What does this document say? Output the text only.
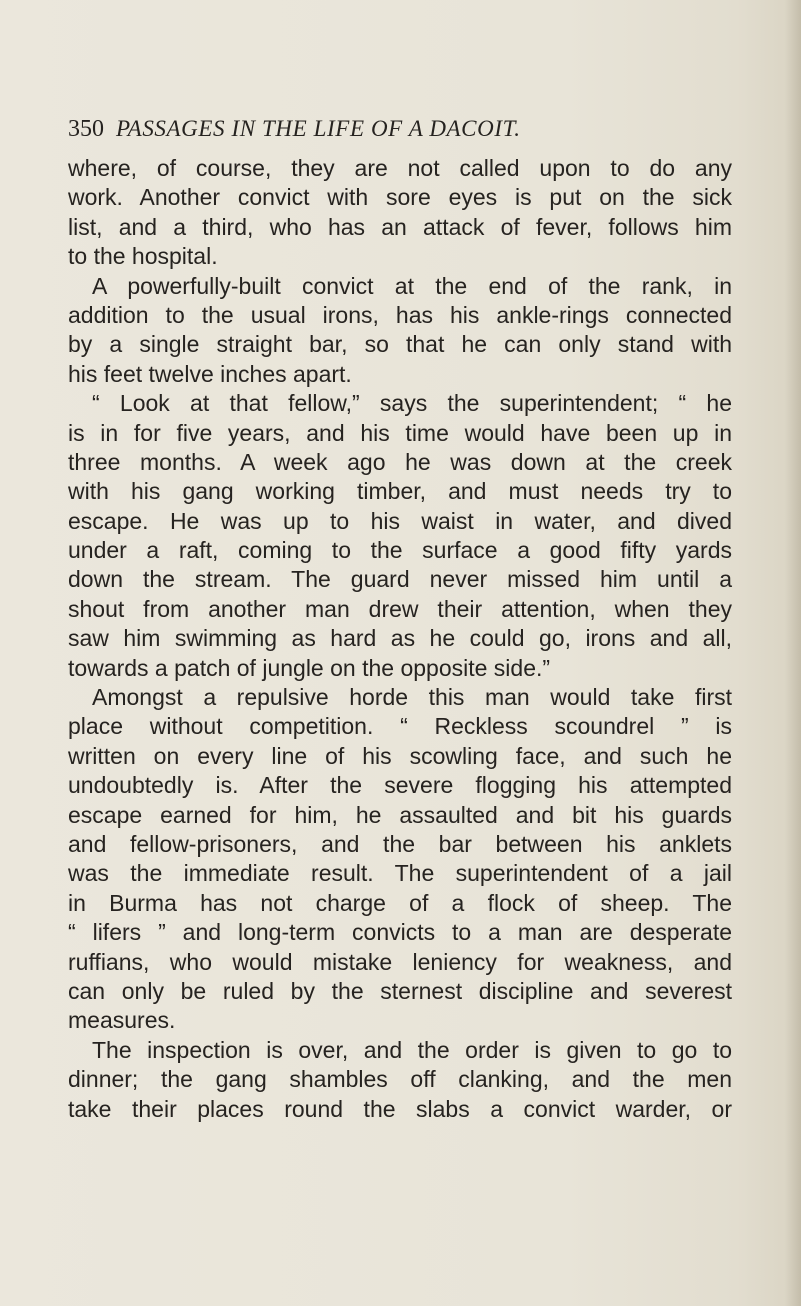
350 PASSAGES IN THE LIFE OF A DACOIT.
where, of course, they are not called upon to do any
work. Another convict with sore eyes is put on the sick
list, and a third, who has an attack of fever, follows him
to the hospital.
A powerfully-built convict at the end of the rank, in
addition to the usual irons, has his ankle-rings connected
by a single straight bar, so that he can only stand with
his feet twelve inches apart.
“ Look at that fellow,” says the superintendent; “ he
is in for five years, and his time would have been up in
three months. A week ago he was down at the creek
with his gang working timber, and must needs try to
escape. He was up to his waist in water, and dived
under a raft, coming to the surface a good fifty yards
down the stream. The guard never missed him until a
shout from another man drew their attention, when they
saw him swimming as hard as he could go, irons and all,
towards a patch of jungle on the opposite side.”
Amongst a repulsive horde this man would take first
place without competition. “ Reckless scoundrel ” is
written on every line of his scowling face, and such he
undoubtedly is. After the severe flogging his attempted
escape earned for him, he assaulted and bit his guards
and fellow-prisoners, and the bar between his anklets
was the immediate result. The superintendent of a jail
in Burma has not charge of a flock of sheep. The
“ lifers ” and long-term convicts to a man are desperate
ruffians, who would mistake leniency for weakness, and
can only be ruled by the sternest discipline and severest
measures.
The inspection is over, and the order is given to go to
dinner; the gang shambles off clanking, and the men
take their places round the slabs a convict warder, or
